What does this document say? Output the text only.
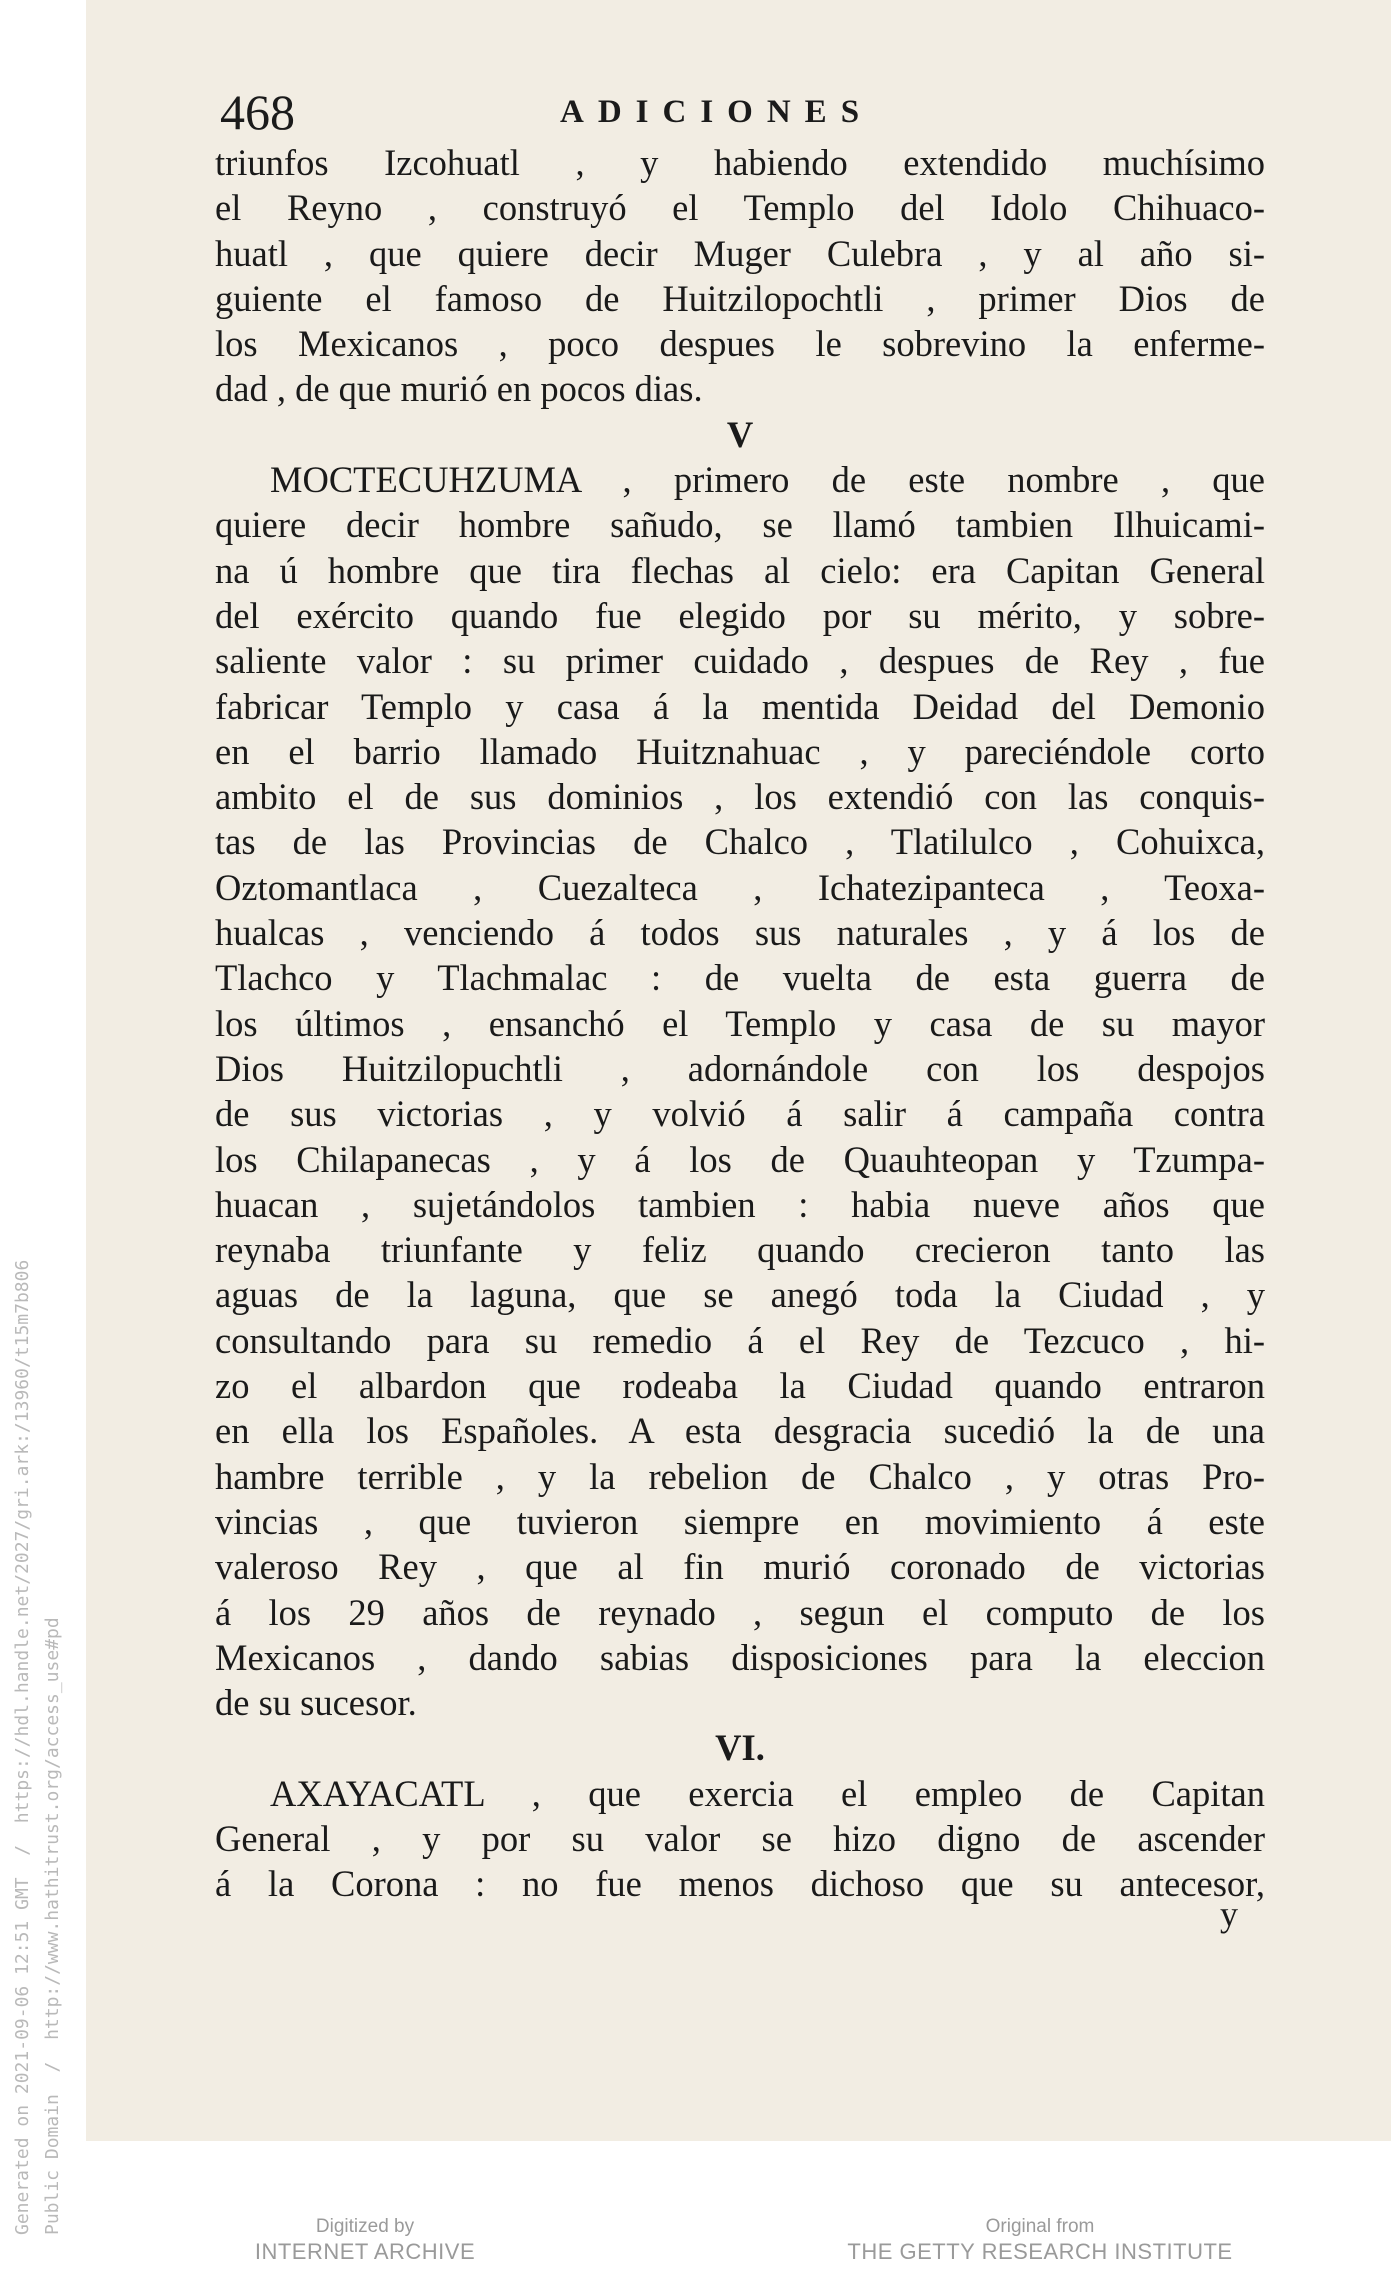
Generated on 2021-09-06 12:51 GMT  /  https://hdl.handle.net/2027/gri.ark:/13960/t15m7b806 Public Domain  /  http://www.hathitrust.org/access_use#pd
468	ADICIONES
triunfos Izcohuatl , y habiendo extendido muchísimo
el Reyno , construyó el Templo del Idolo Chihuaco-
huatl , que quiere decir Muger Culebra , y al año si-
guiente el famoso de Huitzilopochtli , primer Dios de
los Mexicanos , poco despues le sobrevino la enferme-
dad , de que murió en pocos dias.
V
MOCTECUHZUMA , primero de este nombre , que
quiere decir hombre sañudo, se llamó tambien Ilhuicami-
na ú hombre que tira flechas al cielo: era Capitan General
del exército quando fue elegido por su mérito, y sobre-
saliente valor : su primer cuidado , despues de Rey , fue
fabricar Templo y casa á la mentida Deidad del Demonio
en el barrio llamado Huitznahuac , y pareciéndole corto
ambito el de sus dominios , los extendió con las conquis-
tas de las Provincias de Chalco , Tlatilulco , Cohuixca,
Oztomantlaca , Cuezalteca , Ichatezipanteca , Teoxa-
hualcas , venciendo á todos sus naturales , y á los de
Tlachco y Tlachmalac : de vuelta de esta guerra de
los últimos , ensanchó el Templo y casa de su mayor
Dios Huitzilopuchtli , adornándole con los despojos
de sus victorias , y volvió á salir á campaña contra
los Chilapanecas , y á los de Quauhteopan y Tzumpa-
huacan , sujetándolos tambien : habia nueve años que
reynaba triunfante y feliz quando crecieron tanto las
aguas de la laguna, que se anegó toda la Ciudad , y
consultando para su remedio á el Rey de Tezcuco , hi-
zo el albardon que rodeaba la Ciudad quando entraron
en ella los Españoles. A esta desgracia sucedió la de una
hambre terrible , y la rebelion de Chalco , y otras Pro-
vincias , que tuvieron siempre en movimiento á este
valeroso Rey , que al fin murió coronado de victorias
á los 29 años de reynado , segun el computo de los
Mexicanos , dando sabias disposiciones para la eleccion
de su sucesor.
VI.
AXAYACATL , que exercia el empleo de Capitan
General , y por su valor se hizo digno de ascender
á la Corona : no fue menos dichoso que su antecesor,
y
Digitized by
INTERNET ARCHIVE
Original from
THE GETTY RESEARCH INSTITUTE
